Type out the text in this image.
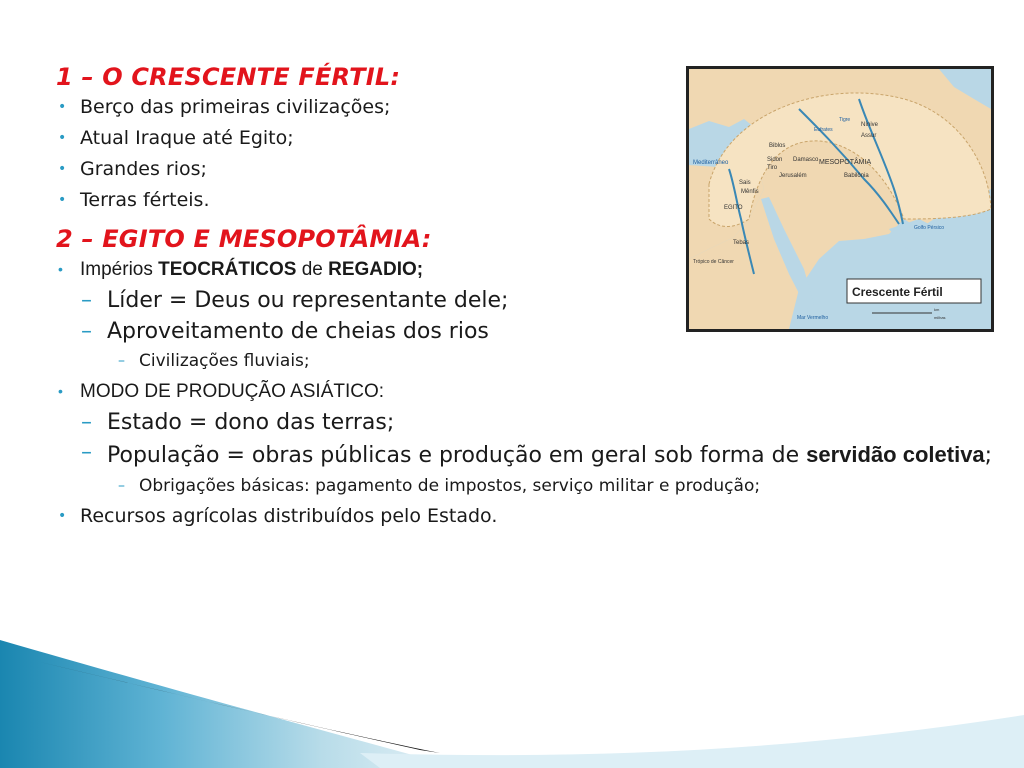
1 – O CRESCENTE FÉRTIL:
• Berço das primeiras civilizações;
• Atual Iraque até Egito;
• Grandes rios;
• Terras férteis.
2 – EGITO E MESOPOTÂMIA:
• Impérios TEOCRÁTICOS de REGADIO;
– Líder = Deus ou representante dele;
– Aproveitamento de cheias dos rios
– Civilizações fluviais;
• MODO DE PRODUÇÃO ASIÁTICO:
– Estado = dono das terras;
– População = obras públicas e produção em geral sob forma de servidão coletiva;
– Obrigações básicas: pagamento de impostos, serviço militar e produção;
• Recursos agrícolas distribuídos pelo Estado.
Mediterrâneo
Biblos
Sidon
Tiro
Damasco
Jerusalém
MESOPOTÂMIA
Babilônia
Nínive
Assur
Tigre
Eufrates
Sais
Mênfis
EGITO
Tebas
Golfo Pérsico
Trópico de Câncer
Mar Vermelho
Crescente Fértil
km
milhas
